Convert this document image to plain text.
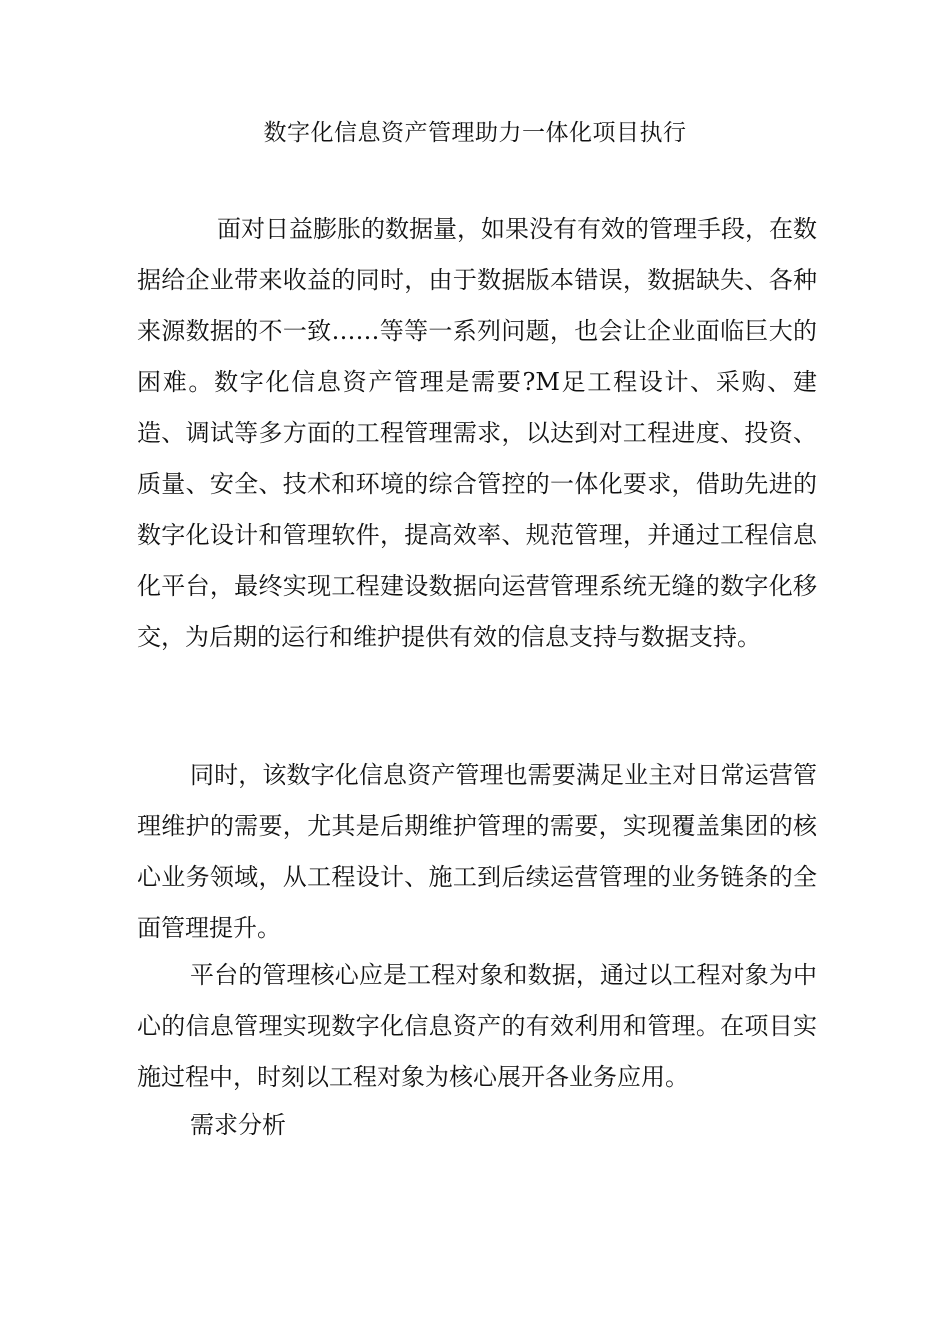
数字化信息资产管理助力一体化项目执行

面对日益膨胀的数据量，如果没有有效的管理手段，在数据给企业带来收益的同时，由于数据版本错误，数据缺失、各种来源数据的不一致……等等一系列问题，也会让企业面临巨大的困难。数字化信息资产管理是需要?M足工程设计、采购、建造、调试等多方面的工程管理需求，以达到对工程进度、投资、质量、安全、技术和环境的综合管控的一体化要求，借助先进的数字化设计和管理软件，提高效率、规范管理，并通过工程信息化平台，最终实现工程建设数据向运营管理系统无缝的数字化移交，为后期的运行和维护提供有效的信息支持与数据支持。

同时，该数字化信息资产管理也需要满足业主对日常运营管理维护的需要，尤其是后期维护管理的需要，实现覆盖集团的核心业务领域，从工程设计、施工到后续运营管理的业务链条的全面管理提升。

平台的管理核心应是工程对象和数据，通过以工程对象为中心的信息管理实现数字化信息资产的有效利用和管理。在项目实施过程中，时刻以工程对象为核心展开各业务应用。

需求分析
